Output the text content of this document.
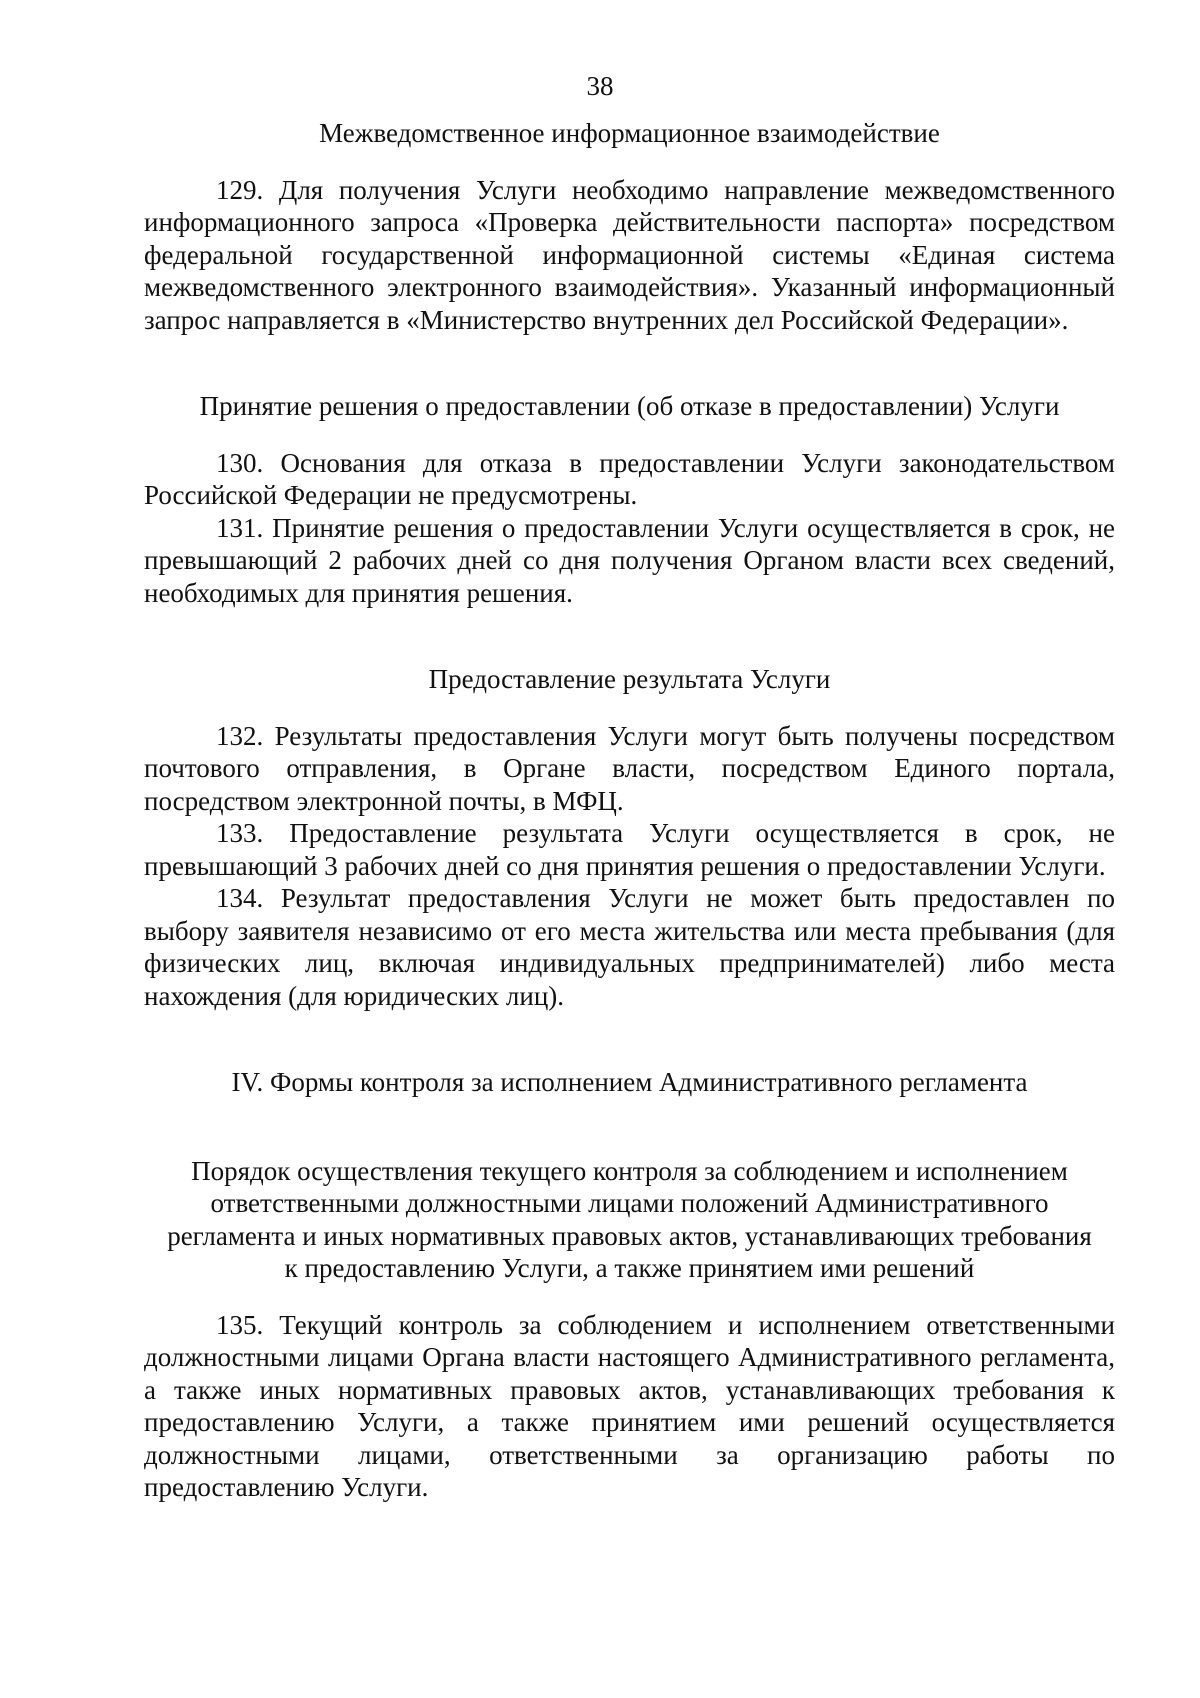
38
Межведомственное информационное взаимодействие

129. Для получения Услуги необходимо направление межведомственного информационного запроса «Проверка действительности паспорта» посредством федеральной государственной информационной системы «Единая система межведомственного электронного взаимодействия». Указанный информационный запрос направляется в «Министерство внутренних дел Российской Федерации».

Принятие решения о предоставлении (об отказе в предоставлении) Услуги

130. Основания для отказа в предоставлении Услуги законодательством Российской Федерации не предусмотрены.

131. Принятие решения о предоставлении Услуги осуществляется в срок, не превышающий 2 рабочих дней со дня получения Органом власти всех сведений, необходимых для принятия решения.

Предоставление результата Услуги

132. Результаты предоставления Услуги могут быть получены посредством почтового отправления, в Органе власти, посредством Единого портала, посредством электронной почты, в МФЦ.

133. Предоставление результата Услуги осуществляется в срок, не превышающий 3 рабочих дней со дня принятия решения о предоставлении Услуги.

134. Результат предоставления Услуги не может быть предоставлен по выбору заявителя независимо от его места жительства или места пребывания (для физических лиц, включая индивидуальных предпринимателей) либо места нахождения (для юридических лиц).

IV. Формы контроля за исполнением Административного регламента
Порядок осуществления текущего контроля за соблюдением и исполнением
ответственными должностными лицами положений Административного
регламента и иных нормативных правовых актов, устанавливающих требования
к предоставлению Услуги, а также принятием ими решений

135. Текущий контроль за соблюдением и исполнением ответственными должностными лицами Органа власти настоящего Административного регламента, а также иных нормативных правовых актов, устанавливающих требования к предоставлению Услуги, а также принятием ими решений осуществляется должностными лицами, ответственными за организацию работы по предоставлению Услуги.
